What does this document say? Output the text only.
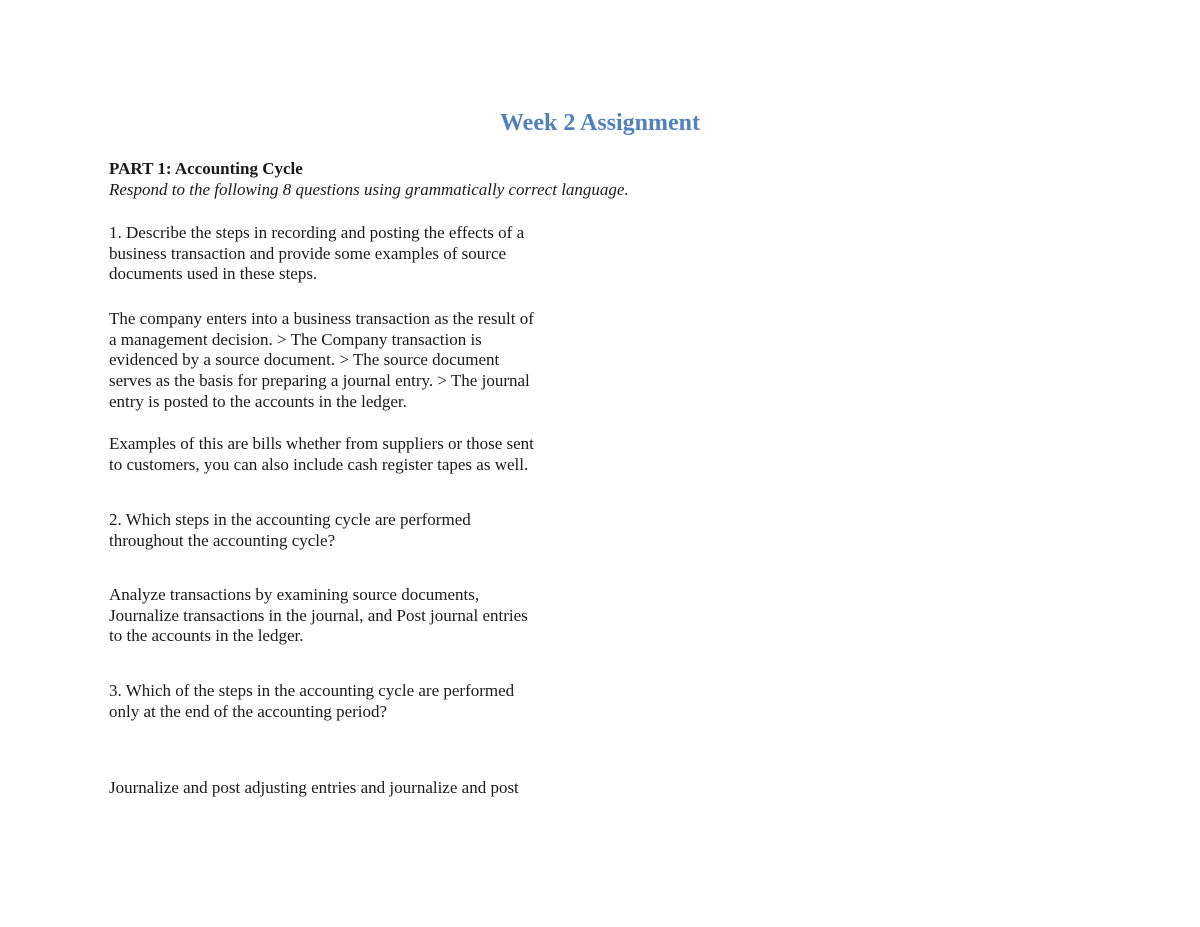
Week 2 Assignment
PART 1: Accounting Cycle
Respond to the following 8 questions using grammatically correct language.

1. Describe the steps in recording and posting the effects of a

business transaction and provide some examples of source

documents used in these steps.

The company enters into a business transaction as the result of

a management decision. > The Company transaction is

evidenced by a source document. > The source document

serves as the basis for preparing a journal entry. > The journal

entry is posted to the accounts in the ledger.

Examples of this are bills whether from suppliers or those sent

to customers, you can also include cash register tapes as well.

2. Which steps in the accounting cycle are performed

throughout the accounting cycle?

Analyze transactions by examining source documents,

Journalize transactions in the journal, and Post journal entries

to the accounts in the ledger.

3. Which of the steps in the accounting cycle are performed

only at the end of the accounting period?

Journalize and post adjusting entries and journalize and post
